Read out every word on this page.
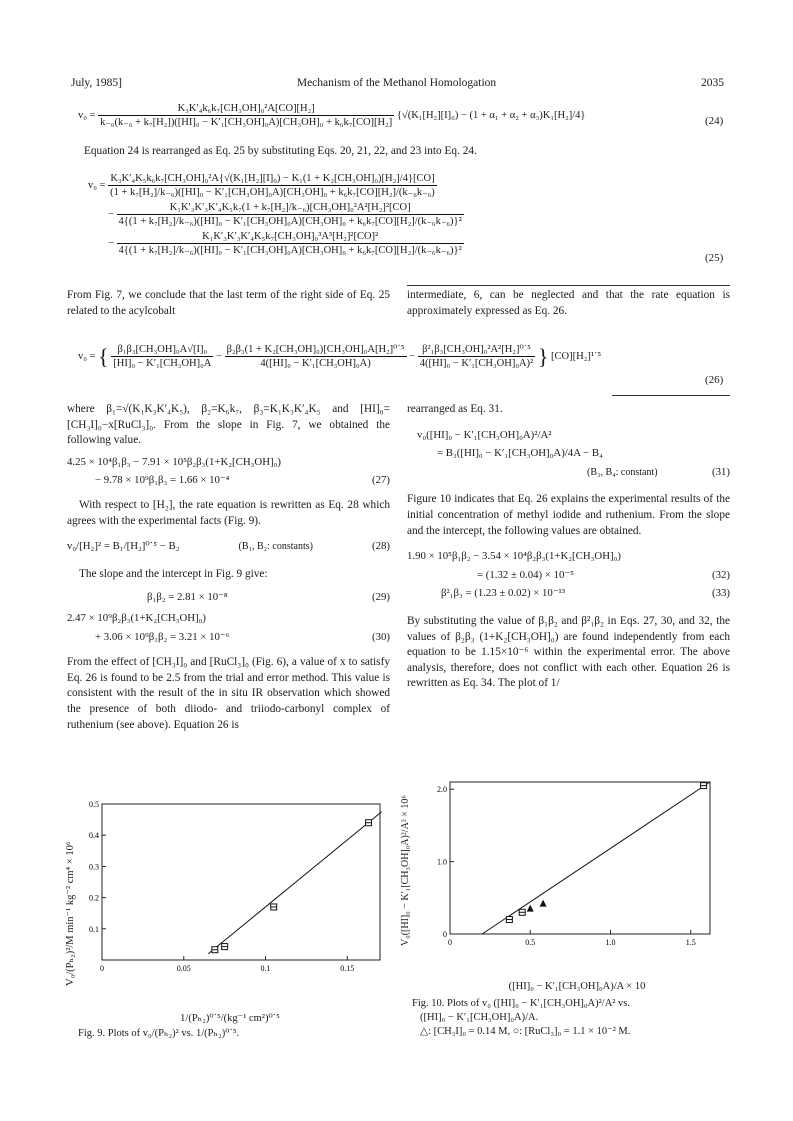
July, 1985]	Mechanism of the Methanol Homologation	2035
v₀ =
K₃K′₄k₆k₇[CH₃OH]₀²A[CO][H₂]
k₋₆(k₋₆ + k₇[H₂])([HI]₀ − K′₁[CH₃OH]₀A)[CH₃OH]₀ + k₆k₇[CO][H₂]
{√(K₁[H₂][I]₀) − (1 + α₁ + α₂ + α₃)K₁[H₂]/4}	(24)
Equation 24 is rearranged as Eq. 25 by substituting Eqs. 20, 21, 22, and 23 into Eq. 24.
v₀ =
K₃K′₄K₅k₆k₇[CH₃OH]₀²A{√(K₁[H₂][I]₀) − K₁(1 + K₂[CH₃OH]₀)[H₂]/4}[CO]
(1 + k₇[H₂]/k₋₆)([HI]₀ − K′₁[CH₃OH]₀A)[CH₃OH]₀ + k₆k₇[CO][H₂]/(k₋₆k₋₆)
−
K₁K′₃K′₃K′₄K₅k₇(1 + k₇[H₂]/k₋₆)[CH₃OH]₀²A²[H₂]²[CO]
4{(1 + k₇[H₂]/k₋₆)([HI]₀ − K′₁[CH₃OH]₀A)[CH₃OH]₀ + k₆k₇[CO][H₂]/(k₋₆k₋₆)}²
−
K₁K′₃K′₃K′₄K₅k₇[CH₃OH]₀³A³[H₂]²[CO]²
4{(1 + k₇[H₂]/k₋₆)([HI]₀ − K′₁[CH₃OH]₀A)[CH₃OH]₀ + k₆k₇[CO][H₂]/(k₋₆k₋₆)}²
(25)

From Fig. 7, we conclude that the last term of the right side of Eq. 25 related to the acylcobalt

intermediate, 6, can be neglected and that the rate equation is approximately expressed as Eq. 26.

v₀ = { $\frac{\text{β₁β₃[CH₃OH]₀A√[I]₀}}{\text{[HI]₀ − K′₁[CH₃OH]₀A}} - \frac{\text{β₂β₃(1 + K₂[CH₃OH]₀)[CH₃OH]₀A[H₂]⁰˙⁵}}{\text{4([HI]₀ − K′₁[CH₃OH]₀A)}} - \frac{\text{β²₁β₃[CH₃OH]₀²A²[H₂]⁰˙⁵}}{\text{4([HI]₀ − K′₁[CH₃OH]₀A)²}}$ } [CO][H₂]¹˙⁵
(26)

where β₁=√(K₁K₃K′₄K₅), β₂=K₆k₇, β₃=K₁K₃K′₄K₅ and [HI]₀=[CH₃I]₀−x[RuCl₃]₀. From the slope in Fig. 7, we obtained the following value.

4.25 × 10⁴β₁β₃ − 7.91 × 10⁵β₂β₃(1+K₂[CH₃OH]₀)
− 9.78 × 10⁹β₁β₃ = 1.66 × 10⁻⁴	(27)

With respect to [H₂], the rate equation is rewritten as Eq. 28 which agrees with the experimental facts (Fig. 9).

v₀/[H₂]² = B₁/[H₂]⁰˙⁵ − B₂	(B₁, B₂: constants)	(28)

The slope and the intercept in Fig. 9 give:

β₁β₂ = 2.81 × 10⁻⁸	(29)
2.47 × 10⁹β₂β₃(1+K₂[CH₃OH]₀)
+ 3.06 × 10⁹β₁β₂ = 3.21 × 10⁻⁶	(30)

From the effect of [CH₃I]₀ and [RuCl₃]₀ (Fig. 6), a value of x to satisfy Eq. 26 is found to be 2.5 from the trial and error method. This value is consistent with the result of the in situ IR observation which showed the presence of both diiodo- and triiodo-carbonyl complex of ruthenium (see above). Equation 26 is

rearranged as Eq. 31.

v₀([HI]₀ − K′₁[CH₃OH]₀A)²/A²
= B₃([HI]₀ − K′₁[CH₃OH]₀A)/4A − B₄
(B₃, B₄: constant)	(31)

Figure 10 indicates that Eq. 26 explains the experimental results of the initial concentration of methyl iodide and ruthenium. From the slope and the intercept, the following values are obtained.

1.90 × 10⁵β₁β₂ − 3.54 × 10⁴β₂β₃(1+K₂[CH₃OH]₀)
= (1.32 ± 0.04) × 10⁻⁵	(32)
β²₁β₃ = (1.23 ± 0.02) × 10⁻¹³	(33)

By substituting the value of β₁β₂ and β²₁β₂ in Eqs. 27, 30, and 32, the values of β₂β₃ (1+K₂[CH₃OH]₀) are found independently from each equation to be 1.15×10⁻⁶ within the experimental error. The above analysis, therefore, does not conflict with each other. Equation 26 is rewritten as Eq. 34. The plot of 1/

V₀/(Pₕ₂)²/M min⁻¹ kg⁻² cm⁴ × 10⁶	0	0.05	0.1	0.15
0.1
0.2
0.3
0.4
0.5
1/(Pₕ₂)⁰˙⁵/(kg⁻¹ cm²)⁰˙⁵
Fig. 9. Plots of v₀/(Pₕ₂)² vs. 1/(Pₕ₂)⁰˙⁵.
V₀([HI]₀ − K′₁[CH₃OH]₀A)²/A² × 10⁶	0	0.5	1.0	1.5
0
1.0
2.0
([HI]₀ − K′₁[CH₃OH]₀A)/A × 10
Fig. 10. Plots of v₀ ([HI]₀ − K′₁[CH₃OH]₀A)²/A² vs.
([HI]₀ − K′₁[CH₃OH]₀A)/A.
△: [CH₃I]₀ = 0.14 M, ○: [RuCl₃]₀ = 1.1 × 10⁻² M.
